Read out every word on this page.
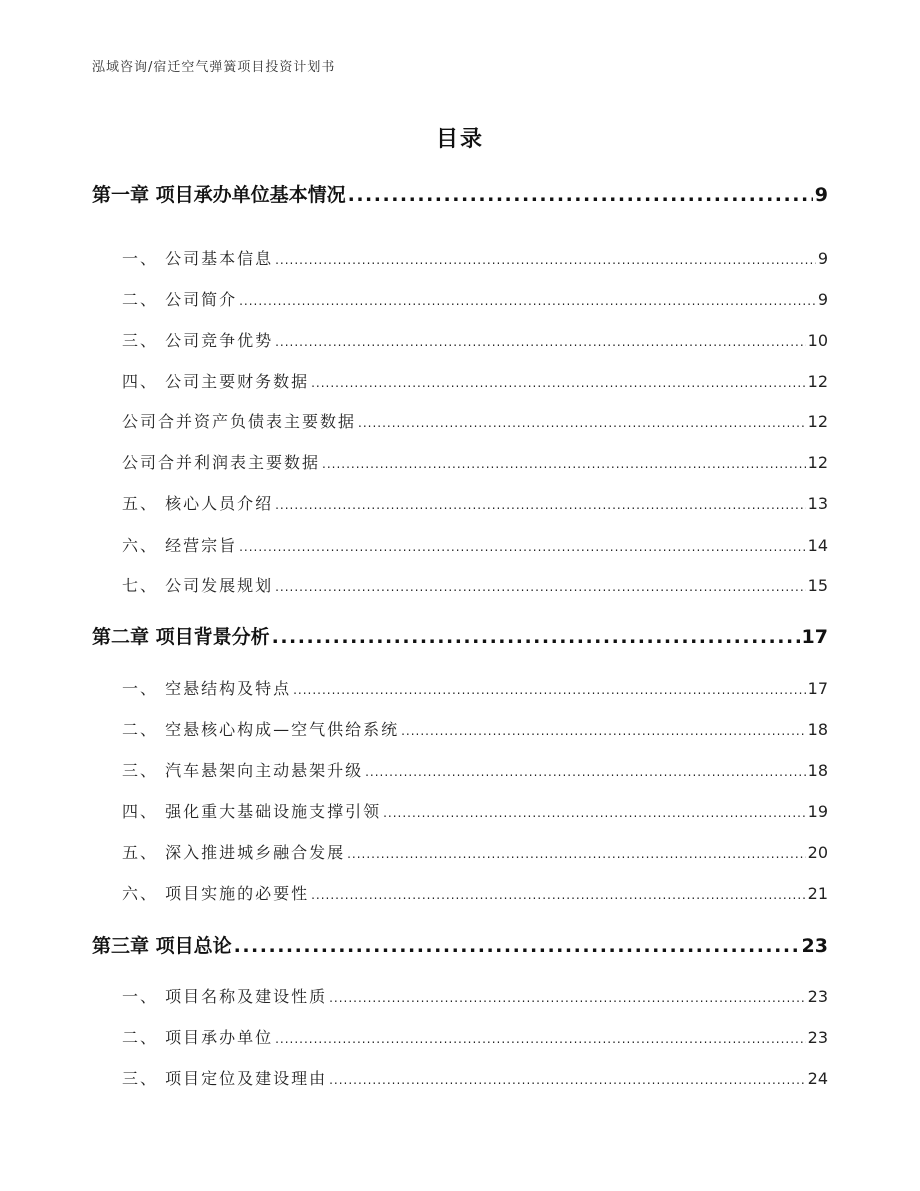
泓域咨询/宿迁空气弹簧项目投资计划书
目录
第一章 项目承办单位基本情况 .....	9
一、 公司基本信息 .....	9
二、 公司简介 .....	9
三、 公司竞争优势 .....	10
四、 公司主要财务数据 .....	12
公司合并资产负债表主要数据 .....	12
公司合并利润表主要数据 .....	12
五、 核心人员介绍 .....	13
六、 经营宗旨 .....	14
七、 公司发展规划 .....	15
第二章 项目背景分析 .....	17
一、 空悬结构及特点 .....	17
二、 空悬核心构成—空气供给系统 .....	18
三、 汽车悬架向主动悬架升级 .....	18
四、 强化重大基础设施支撑引领 .....	19
五、 深入推进城乡融合发展 .....	20
六、 项目实施的必要性 .....	21
第三章 项目总论 .....	23
一、 项目名称及建设性质 .....	23
二、 项目承办单位 .....	23
三、 项目定位及建设理由 .....	24
